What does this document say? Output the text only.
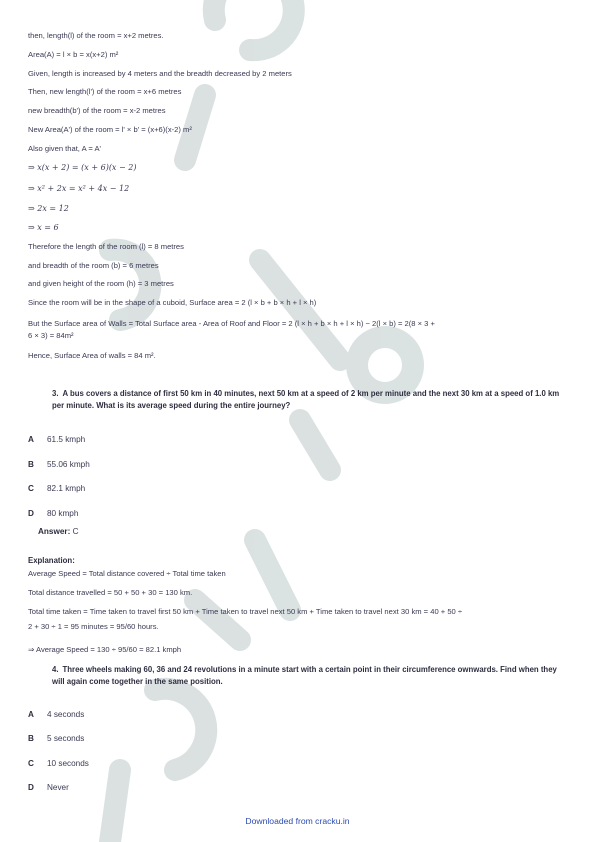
then, length(l) of the room = x+2 metres.
Area(A) = l × b = x(x+2) m²
Given, length is increased by 4 meters and the breadth decreased by 2 meters
Then, new length(l') of the room = x+6 metres
new breadth(b') of the room = x-2 metres
New Area(A') of the room = l' × b' = (x+6)(x-2) m²
Also given that, A = A'
⇒ x(x + 2) = (x + 6)(x − 2)
⇒ x² + 2x = x² + 4x − 12
⇒ 2x = 12
⇒ x = 6
Therefore the length of the room (l) = 8 metres
and breadth of the room (b) = 6 metres
and given height of the room (h) = 3 metres
Since the room will be in the shape of a cuboid, Surface area = 2 (l × b + b × h + l × h)
But the Surface area of Walls = Total Surface area - Area of Roof and Floor = 2 (l × h + b × h + l × h) − 2(l × b) = 2(8 × 3 +
6 × 3) = 84m²
Hence, Surface Area of walls = 84 m².
3. A bus covers a distance of first 50 km in 40 minutes, next 50 km at a speed of 2 km per minute and the next 30 km at a speed of 1.0 km per minute. What is its average speed during the entire journey?
A 61.5 kmph
B 55.06 kmph
C 82.1 kmph
D 80 kmph
Answer: C
Explanation:
Average Speed = Total distance covered ÷ Total time taken
Total distance travelled = 50 + 50 + 30 = 130 km.
Total time taken = Time taken to travel first 50 km + Time taken to travel next 50 km + Time taken to travel next 30 km = 40 + 50 ÷
2 + 30 ÷ 1 = 95 minutes = 95/60 hours.
⇒ Average Speed = 130 ÷ 95/60 = 82.1 kmph
4. Three wheels making 60, 36 and 24 revolutions in a minute start with a certain point in their circumference ownwards. Find when they will again come together in the same position.
A 4 seconds
B 5 seconds
C 10 seconds
D Never
Downloaded from cracku.in
